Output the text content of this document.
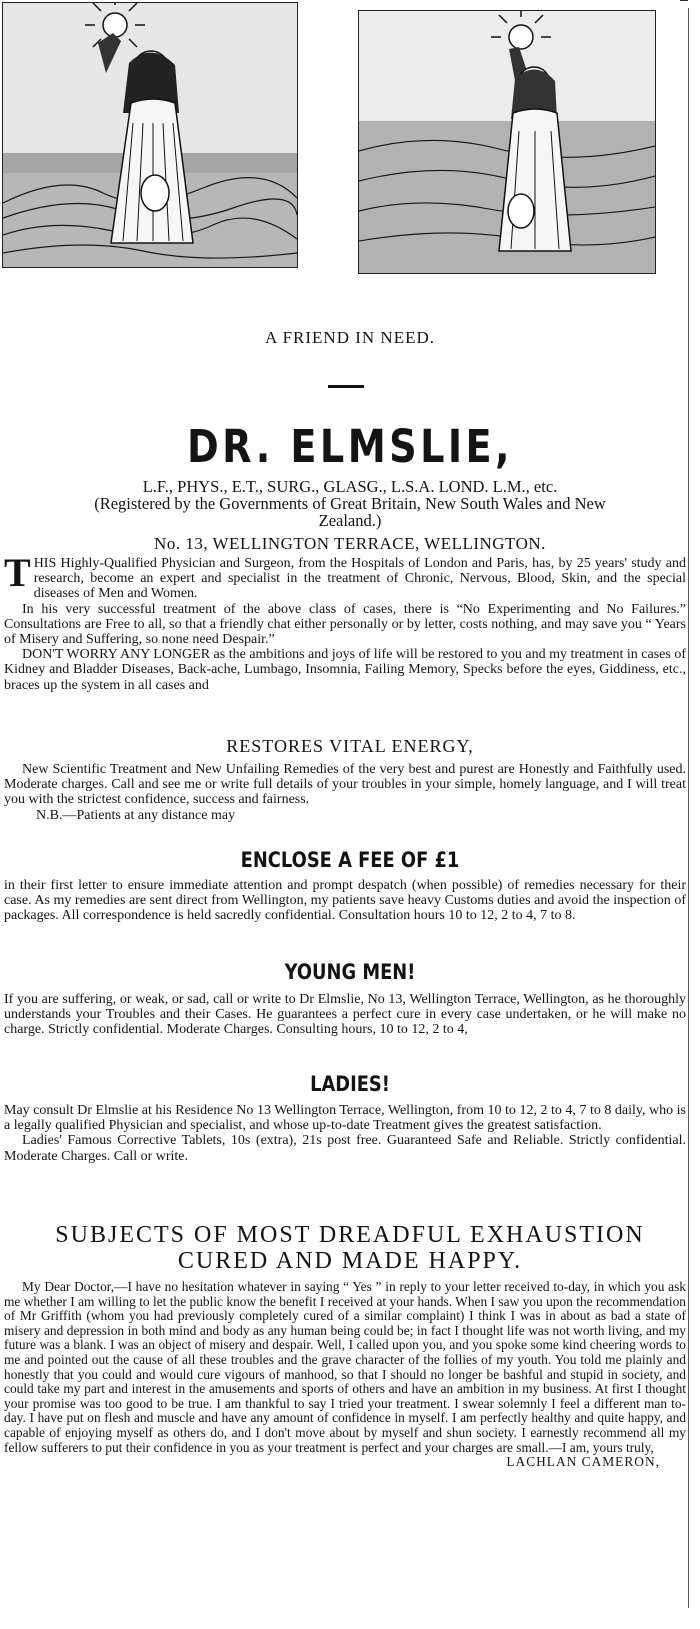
A FRIEND IN NEED.
DR. ELMSLIE,
L.F., PHYS., E.T., SURG., GLASG., L.S.A. LOND. L.M., etc.
(Registered by the Governments of Great Britain, New South Wales and New
Zealand.)
No. 13, WELLINGTON TERRACE, WELLINGTON.

THIS Highly-Qualified Physician and Surgeon, from the Hospitals of London and Paris, has, by 25 years' study and research, become an expert and specialist in the treatment of Chronic, Nervous, Blood, Skin, and the special diseases of Men and Women.

In his very successful treatment of the above class of cases, there is “No Experimenting and No Failures.” Consultations are Free to all, so that a friendly chat either personally or by letter, costs nothing, and may save you “ Years of Misery and Suffering, so none need Despair.”

DON'T WORRY ANY LONGER as the ambitions and joys of life will be restored to you and my treatment in cases of Kidney and Bladder Diseases, Back-ache, Lumbago, Insomnia, Failing Memory, Specks before the eyes, Giddiness, etc., braces up the system in all cases and

RESTORES VITAL ENERGY,

New Scientific Treatment and New Unfailing Remedies of the very best and purest are Honestly and Faithfully used. Moderate charges. Call and see me or write full details of your troubles in your simple, homely language, and I will treat you with the strictest confidence, success and fairness.

N.B.—Patients at any distance may

ENCLOSE A FEE OF £1

in their first letter to ensure immediate attention and prompt despatch (when possible) of remedies necessary for their case. As my remedies are sent direct from Wellington, my patients save heavy Customs duties and avoid the inspection of packages. All correspondence is held sacredly confidential. Consultation hours 10 to 12, 2 to 4, 7 to 8.

YOUNG MEN!

If you are suffering, or weak, or sad, call or write to Dr Elmslie, No 13, Wellington Terrace, Wellington, as he thoroughly understands your Troubles and their Cases. He guarantees a perfect cure in every case undertaken, or he will make no charge. Strictly confidential. Moderate Charges. Consulting hours, 10 to 12, 2 to 4,

LADIES!

May consult Dr Elmslie at his Residence No 13 Wellington Terrace, Wellington, from 10 to 12, 2 to 4, 7 to 8 daily, who is a legally qualified Physician and specialist, and whose up-to-date Treatment gives the greatest satisfaction.

Ladies' Famous Corrective Tablets, 10s (extra), 21s post free. Guaranteed Safe and Reliable. Strictly confidential. Moderate Charges. Call or write.

SUBJECTS OF MOST DREADFUL EXHAUSTION
CURED AND MADE HAPPY.

My Dear Doctor,—I have no hesitation whatever in saying “ Yes ” in reply to your letter received to-day, in which you ask me whether I am willing to let the public know the benefit I received at your hands. When I saw you upon the recommendation of Mr Griffith (whom you had previously completely cured of a similar complaint) I think I was in about as bad a state of misery and depression in both mind and body as any human being could be; in fact I thought life was not worth living, and my future was a blank. I was an object of misery and despair. Well, I called upon you, and you spoke some kind cheering words to me and pointed out the cause of all these troubles and the grave character of the follies of my youth. You told me plainly and honestly that you could and would cure vigours of manhood, so that I should no longer be bashful and stupid in society, and could take my part and interest in the amusements and sports of others and have an ambition in my business. At first I thought your promise was too good to be true. I am thankful to say I tried your treatment. I swear solemnly I feel a different man to-day. I have put on flesh and muscle and have any amount of confidence in myself. I am perfectly healthy and quite happy, and capable of enjoying myself as others do, and I don't move about by myself and shun society. I earnestly recommend all my fellow sufferers to put their confidence in you as your treatment is perfect and your charges are small.—I am, yours truly,

LACHLAN CAMERON,
